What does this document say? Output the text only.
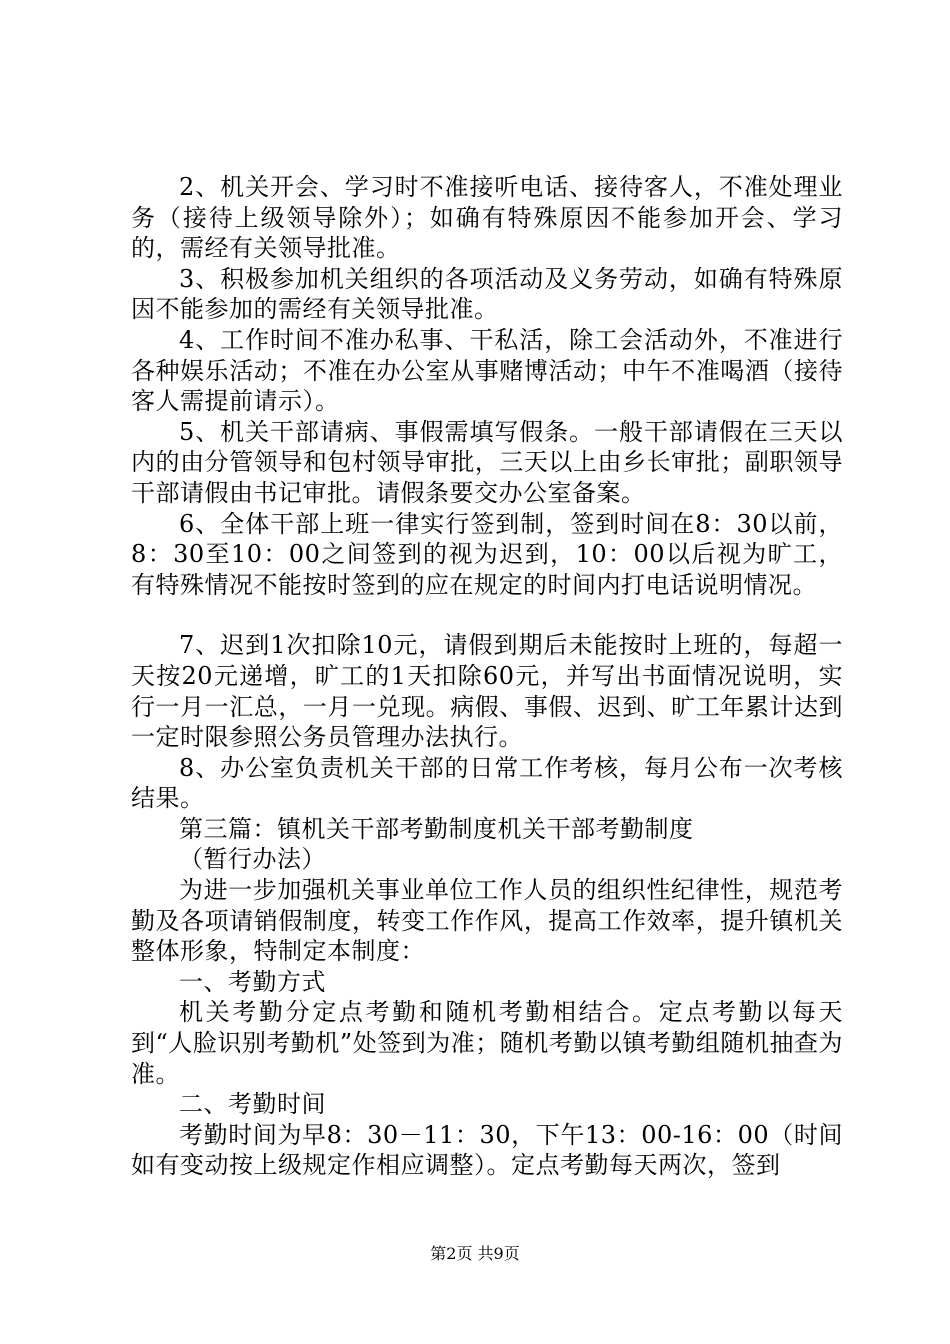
2、机关开会、学习时不准接听电话、接待客人，不准处理业务（接待上级领导除外）；如确有特殊原因不能参加开会、学习的，需经有关领导批准。

3、积极参加机关组织的各项活动及义务劳动，如确有特殊原因不能参加的需经有关领导批准。

4、工作时间不准办私事、干私活，除工会活动外，不准进行各种娱乐活动；不准在办公室从事赌博活动；中午不准喝酒（接待客人需提前请示）。

5、机关干部请病、事假需填写假条。一般干部请假在三天以内的由分管领导和包村领导审批，三天以上由乡长审批；副职领导干部请假由书记审批。请假条要交办公室备案。

6、全体干部上班一律实行签到制，签到时间在8：30以前，8：30至10：00之间签到的视为迟到，10：00以后视为旷工，有特殊情况不能按时签到的应在规定的时间内打电话说明情况。

7、迟到1次扣除10元，请假到期后未能按时上班的，每超一天按20元递增，旷工的1天扣除60元，并写出书面情况说明，实行一月一汇总，一月一兑现。病假、事假、迟到、旷工年累计达到一定时限参照公务员管理办法执行。

8、办公室负责机关干部的日常工作考核，每月公布一次考核结果。

第三篇：镇机关干部考勤制度机关干部考勤制度

（暂行办法）

为进一步加强机关事业单位工作人员的组织性纪律性，规范考勤及各项请销假制度，转变工作作风，提高工作效率，提升镇机关整体形象，特制定本制度：

一、考勤方式

机关考勤分定点考勤和随机考勤相结合。定点考勤以每天到“人脸识别考勤机”处签到为准；随机考勤以镇考勤组随机抽查为准。

二、考勤时间

考勤时间为早8：30－11：30，下午13：00-16：00（时间如有变动按上级规定作相应调整）。定点考勤每天两次，签到

第2页 共9页
